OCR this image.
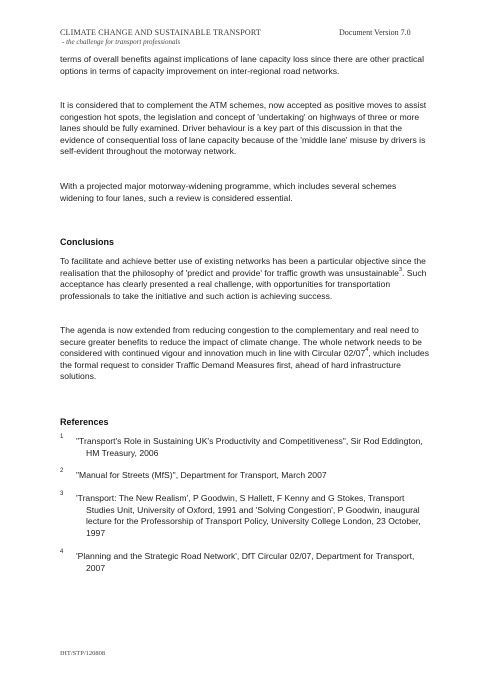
CLIMATE CHANGE AND SUSTAINABLE TRANSPORT
- the challenge for transport professionals
Document Version 7.0

terms of overall benefits against implications of lane capacity loss since there are other practical options in terms of capacity improvement on inter-regional road networks.

It is considered that to complement the ATM schemes, now accepted as positive moves to assist congestion hot spots, the legislation and concept of 'undertaking' on highways of three or more lanes should be fully examined. Driver behaviour is a key part of this discussion in that the evidence of consequential loss of lane capacity because of the 'middle lane' misuse by drivers is self-evident throughout the motorway network.

With a projected major motorway-widening programme, which includes several schemes widening to four lanes, such a review is considered essential.

Conclusions

To facilitate and achieve better use of existing networks has been a particular objective since the realisation that the philosophy of 'predict and provide' for traffic growth was unsustainable$^3$. Such acceptance has clearly presented a real challenge, with opportunities for transportation professionals to take the initiative and such action is achieving success.

The agenda is now extended from reducing congestion to the complementary and real need to secure greater benefits to reduce the impact of climate change. The whole network needs to be considered with continued vigour and innovation much in line with Circular $02/07^4$, which includes the formal request to consider Traffic Demand Measures first, ahead of hard infrastructure solutions.

References
1 "Transport's Role in Sustaining UK's Productivity and Competitiveness", Sir Rod Eddington, HM Treasury, 2006
2 "Manual for Streets (MfS)", Department for Transport, March 2007
3 'Transport: The New Realism', P Goodwin, S Hallett, F Kenny and G Stokes, Transport Studies Unit, University of Oxford, 1991 and 'Solving Congestion', P Goodwin, inaugural lecture for the Professorship of Transport Policy, University College London, 23 October, 1997
4 'Planning and the Strategic Road Network', DfT Circular 02/07, Department for Transport, 2007
IHT/STP/120808
